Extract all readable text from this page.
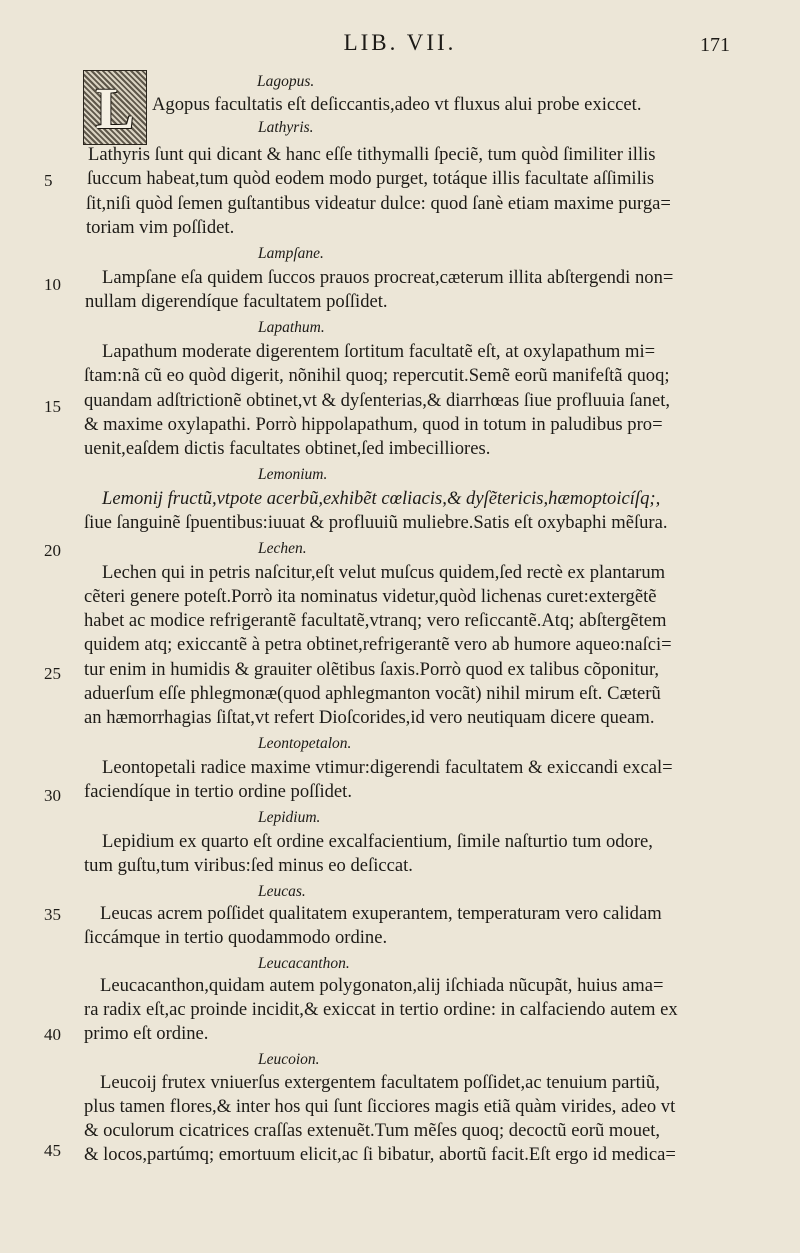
LIB. VII.	171
L
5
10
15
20
25
30
35
40
45
Lagopus.
Agopus facultatis eſt deſiccantis,adeo vt fluxus alui probe exiccet.
Lathyris.
Lathyris ſunt qui dicant & hanc eſſe tithymalli ſpeciẽ, tum quòd ſimiliter illis
ſuccum habeat,tum quòd eodem modo purget, totáque illis facultate aſſimilis
ſit,niſi quòd ſemen guſtantibus videatur dulce: quod ſanè etiam maxime purga=
toriam vim poſſidet.
Lampſane.
Lampſane eſa quidem ſuccos prauos procreat,cæterum illita abſtergendi non=
nullam digerendíque facultatem poſſidet.
Lapathum.
Lapathum moderate digerentem ſortitum facultatẽ eſt, at oxylapathum mi=
ſtam:nã cũ eo quòd digerit, nõnihil quoq; repercutit.Semẽ eorũ manifeſtã quoq;
quandam adſtrictionẽ obtinet,vt & dyſenterias,& diarrhœas ſiue profluuia ſanet,
& maxime oxylapathi. Porrò hippolapathum, quod in totum in paludibus pro=
uenit,eaſdem dictis facultates obtinet,ſed imbecilliores.
Lemonium.
Lemonij fructũ,vtpote acerbũ,exhibẽt cœliacis,& dyſẽtericis,hæmoptoicíſq;,
ſiue ſanguinẽ ſpuentibus:iuuat & profluuiũ muliebre.Satis eſt oxybaphi mẽſura.
Lechen.
Lechen qui in petris naſcitur,eſt velut muſcus quidem,ſed rectè ex plantarum
cẽteri genere poteſt.Porrò ita nominatus videtur,quòd lichenas curet:extergẽtẽ
habet ac modice refrigerantẽ facultatẽ,vtranq; vero reſiccantẽ.Atq; abſtergẽtem
quidem atq; exiccantẽ à petra obtinet,refrigerantẽ vero ab humore aqueo:naſci=
tur enim in humidis & grauiter olẽtibus ſaxis.Porrò quod ex talibus cõponitur,
aduerſum eſſe phlegmonæ(quod aphlegmanton vocãt) nihil mirum eſt. Cæterũ
an hæmorrhagias ſiſtat,vt refert Dioſcorides,id vero neutiquam dicere queam.
Leontopetalon.
Leontopetali radice maxime vtimur:digerendi facultatem & exiccandi excal=
faciendíque in tertio ordine poſſidet.
Lepidium.
Lepidium ex quarto eſt ordine excalfacientium, ſimile naſturtio tum odore,
tum guſtu,tum viribus:ſed minus eo deſiccat.
Leucas.
Leucas acrem poſſidet qualitatem exuperantem, temperaturam vero calidam
ſiccámque in tertio quodammodo ordine.
Leucacanthon.
Leucacanthon,quidam autem polygonaton,alij iſchiada nũcupãt, huius ama=
ra radix eſt,ac proinde incidit,& exiccat in tertio ordine: in calfaciendo autem ex
primo eſt ordine.
Leucoion.
Leucoij frutex vniuerſus extergentem facultatem poſſidet,ac tenuium partiũ,
plus tamen flores,& inter hos qui ſunt ſicciores magis etiã quàm virides, adeo vt
& oculorum cicatrices craſſas extenuẽt.Tum mẽſes quoq; decoctũ eorũ mouet,
& locos,partúmq; emortuum elicit,ac ſi bibatur, abortũ facit.Eſt ergo id medica=
